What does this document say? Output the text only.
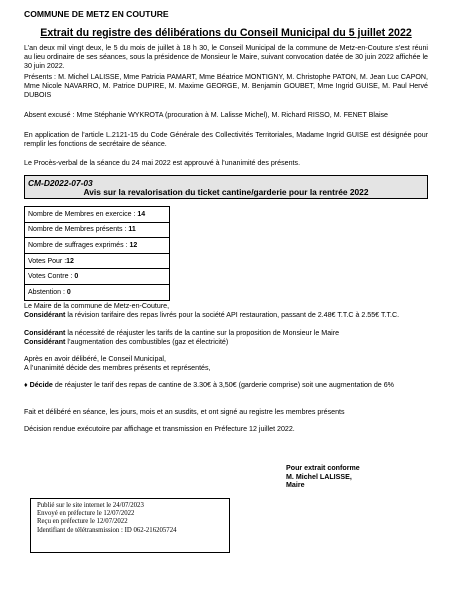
COMMUNE DE METZ EN COUTURE
Extrait du registre des délibérations du Conseil Municipal du 5 juillet 2022
L’an deux mil vingt deux, le 5 du mois de juillet à 18 h 30, le Conseil Municipal de la commune de Metz-en-Couture s’est réuni au lieu ordinaire de ses séances, sous la présidence de Monsieur le Maire, suivant convocation datée de 30 juin 2022 affichée le 30 juin 2022.
Présents : M. Michel LALISSE, Mme Patricia PAMART, Mme Béatrice MONTIGNY, M. Christophe PATON, M. Jean Luc CAPON, Mme Nicole NAVARRO, M. Patrice DUPIRE, M. Maxime GEORGE, M. Benjamin GOUBET, Mme Ingrid GUISE, M. Paul Hervé DUBOIS
Absent excusé : Mme Stéphanie WYKROTA (procuration à M. Lalisse Michel), M. Richard RISSO, M. FENET Blaise
En application de l’article L.2121-15 du Code Générale des Collectivités Territoriales, Madame Ingrid GUISE est désignée pour remplir les fonctions de secrétaire de séance.
Le Procès-verbal de la séance du 24 mai 2022 est approuvé à l’unanimité des présents.
CM-D2022-07-03
Avis sur la revalorisation du ticket cantine/garderie pour la rentrée 2022
Nombre de Membres en exercice : 14
Nombre de Membres présents : 11
Nombre de suffrages exprimés : 12
Votes Pour :12
Votes Contre : 0
Abstention : 0
Le Maire de la commune de Metz-en-Couture,
Considérant la révision tarifaire des repas livrés pour la société API restauration, passant de 2.48€ T.T.C à 2.55€ T.T.C.
Considérant la nécessité de réajuster les tarifs de la cantine sur la proposition de Monsieur le Maire
Considérant l’augmentation des combustibles (gaz et électricité)
Après en avoir délibéré, le Conseil Municipal,
A l’unanimité décide des membres présents et représentés,
♦ Décide de réajuster le tarif des repas de cantine de 3.30€ à 3,50€ (garderie comprise) soit une augmentation de 6%
Fait et délibéré en séance, les jours, mois et an susdits, et ont signé au registre les membres présents
Décision rendue exécutoire par affichage et transmission en Préfecture 12 juillet 2022.
Pour extrait conforme
M. Michel LALISSE,
Maire
Publié sur le site internet le 24/07/2023
Envoyé en préfecture le 12/07/2022
Reçu en préfecture le 12/07/2022
Identifiant de télétransmission : ID 062-216205724
